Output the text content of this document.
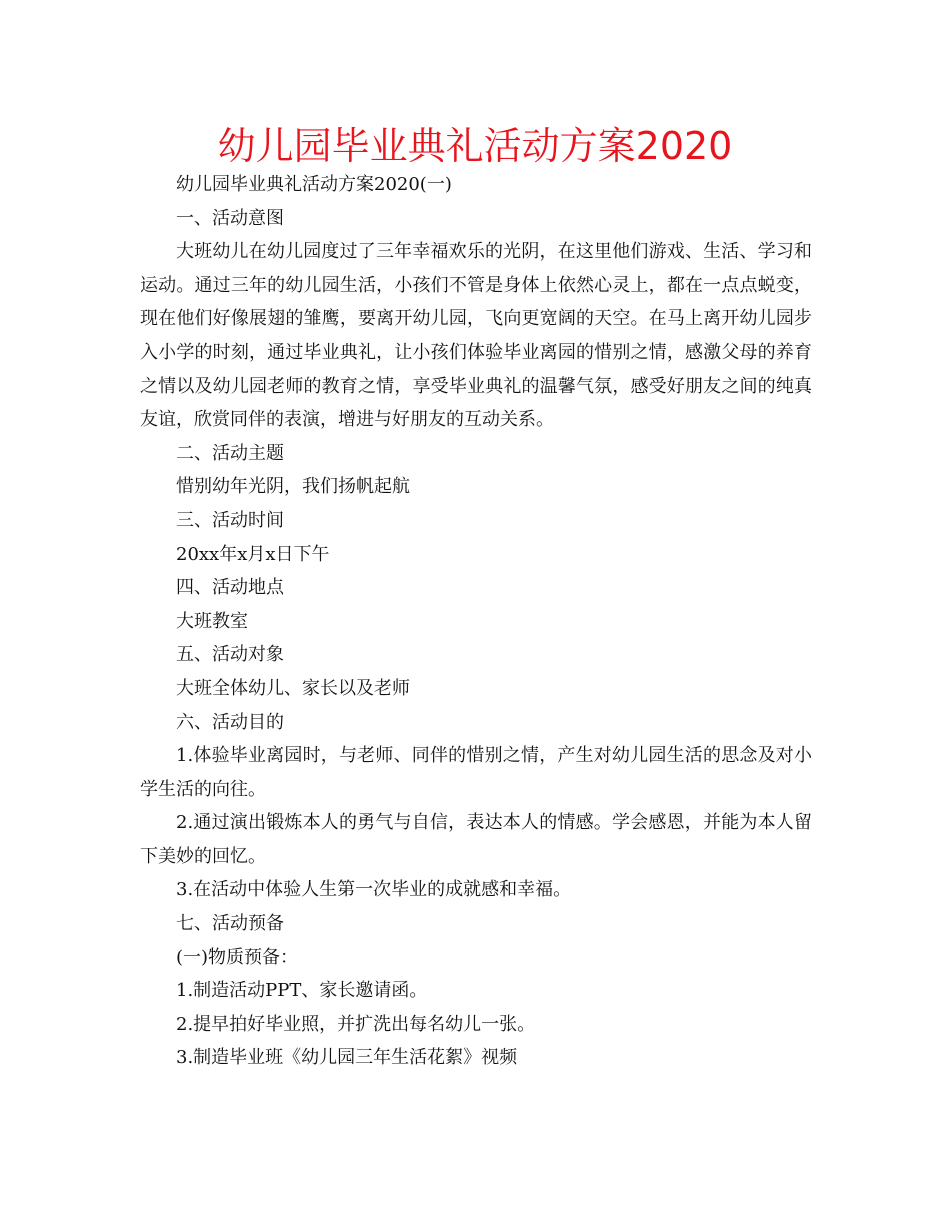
幼儿园毕业典礼活动方案2020

幼儿园毕业典礼活动方案2020(一)

一、活动意图

大班幼儿在幼儿园度过了三年幸福欢乐的光阴，在这里他们游戏、生活、学习和运动。通过三年的幼儿园生活，小孩们不管是身体上依然心灵上，都在一点点蜕变，现在他们好像展翅的雏鹰，要离开幼儿园，飞向更宽阔的天空。在马上离开幼儿园步入小学的时刻，通过毕业典礼，让小孩们体验毕业离园的惜别之情，感激父母的养育之情以及幼儿园老师的教育之情，享受毕业典礼的温馨气氛，感受好朋友之间的纯真友谊，欣赏同伴的表演，增进与好朋友的互动关系。

二、活动主题

惜别幼年光阴，我们扬帆起航

三、活动时间

20xx年x月x日下午

四、活动地点

大班教室

五、活动对象

大班全体幼儿、家长以及老师

六、活动目的

1.体验毕业离园时，与老师、同伴的惜别之情，产生对幼儿园生活的思念及对小学生活的向往。

2.通过演出锻炼本人的勇气与自信，表达本人的情感。学会感恩，并能为本人留下美妙的回忆。

3.在活动中体验人生第一次毕业的成就感和幸福。

七、活动预备

(一)物质预备：

1.制造活动PPT、家长邀请函。

2.提早拍好毕业照，并扩洗出每名幼儿一张。

3.制造毕业班《幼儿园三年生活花絮》视频
